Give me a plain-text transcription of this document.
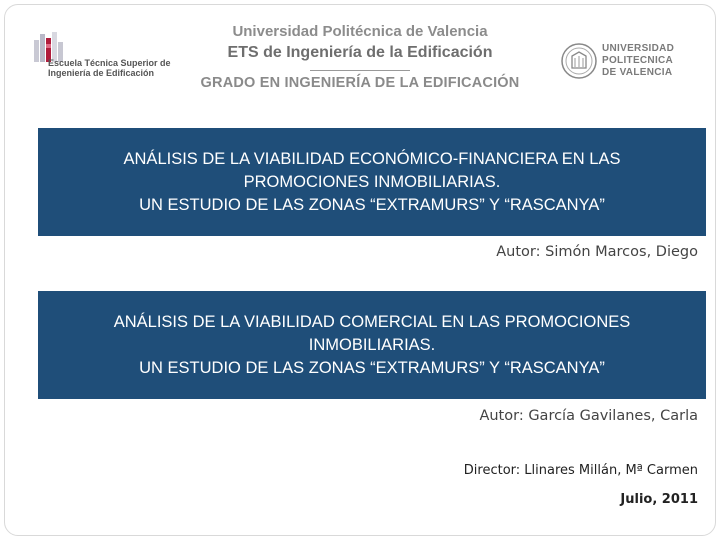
Escuela Técnica Superior de
Ingeniería de Edificación

Universidad Politécnica de Valencia

ETS de Ingeniería de la Edificación

GRADO EN INGENIERÍA DE LA EDIFICACIÓN
UNIVERSIDAD
POLITECNICA
DE VALENCIA
ANÁLISIS DE LA VIABILIDAD ECONÓMICO-FINANCIERA EN LAS
PROMOCIONES INMOBILIARIAS.
UN ESTUDIO DE LAS ZONAS “EXTRAMURS” Y “RASCANYA”
Autor: Simón Marcos, Diego
ANÁLISIS DE LA VIABILIDAD COMERCIAL EN LAS PROMOCIONES
INMOBILIARIAS.
UN ESTUDIO DE LAS ZONAS “EXTRAMURS” Y “RASCANYA”
Autor: García Gavilanes, Carla
Director: Llinares Millán, Mª Carmen
Julio, 2011
